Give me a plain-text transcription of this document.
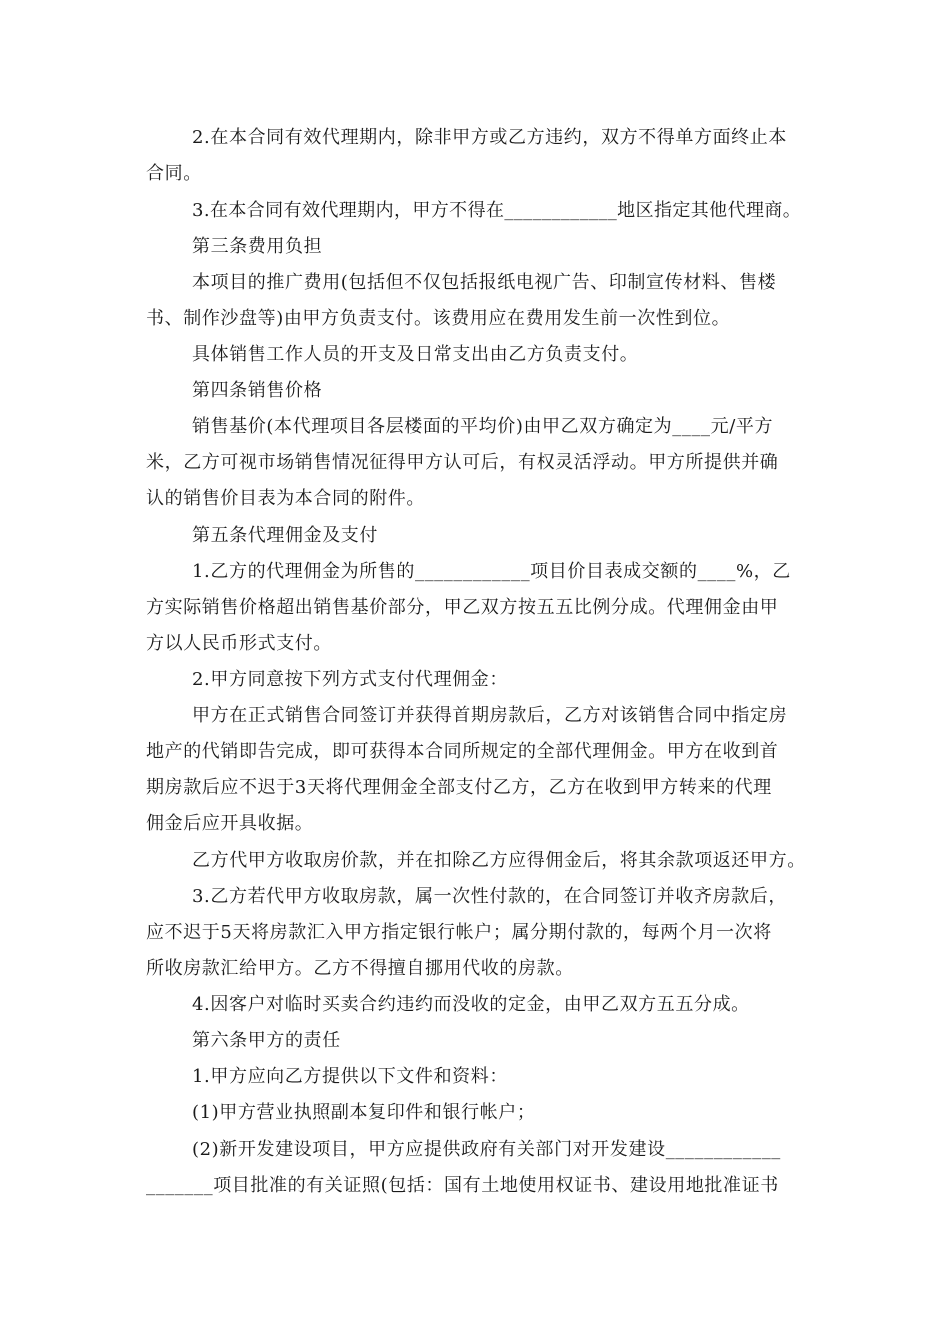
2.在本合同有效代理期内，除非甲方或乙方违约，双方不得单方面终止本
合同。
3.在本合同有效代理期内，甲方不得在____________地区指定其他代理商。
第三条费用负担
本项目的推广费用(包括但不仅包括报纸电视广告、印制宣传材料、售楼
书、制作沙盘等)由甲方负责支付。该费用应在费用发生前一次性到位。
具体销售工作人员的开支及日常支出由乙方负责支付。
第四条销售价格
销售基价(本代理项目各层楼面的平均价)由甲乙双方确定为____元/平方
米，乙方可视市场销售情况征得甲方认可后，有权灵活浮动。甲方所提供并确
认的销售价目表为本合同的附件。
第五条代理佣金及支付
1.乙方的代理佣金为所售的____________项目价目表成交额的____%，乙
方实际销售价格超出销售基价部分，甲乙双方按五五比例分成。代理佣金由甲
方以人民币形式支付。
2.甲方同意按下列方式支付代理佣金：
甲方在正式销售合同签订并获得首期房款后，乙方对该销售合同中指定房
地产的代销即告完成，即可获得本合同所规定的全部代理佣金。甲方在收到首
期房款后应不迟于3天将代理佣金全部支付乙方，乙方在收到甲方转来的代理
佣金后应开具收据。
乙方代甲方收取房价款，并在扣除乙方应得佣金后，将其余款项返还甲方。
3.乙方若代甲方收取房款，属一次性付款的，在合同签订并收齐房款后，
应不迟于5天将房款汇入甲方指定银行帐户；属分期付款的，每两个月一次将
所收房款汇给甲方。乙方不得擅自挪用代收的房款。
4.因客户对临时买卖合约违约而没收的定金，由甲乙双方五五分成。
第六条甲方的责任
1.甲方应向乙方提供以下文件和资料：
(1)甲方营业执照副本复印件和银行帐户；
(2)新开发建设项目，甲方应提供政府有关部门对开发建设____________
_______项目批准的有关证照(包括：国有土地使用权证书、建设用地批准证书
